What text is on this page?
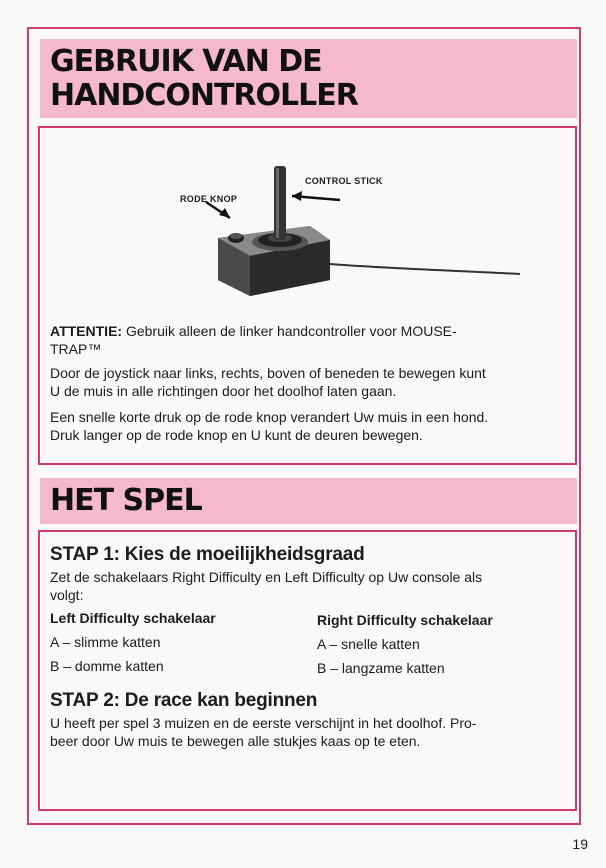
GEBRUIK VAN DE
HANDCONTROLLER
CONTROL STICK
RODE KNOP

ATTENTIE: Gebruik alleen de linker handcontroller voor MOUSE-
TRAP™

Door de joystick naar links, rechts, boven of beneden te bewegen kunt
U de muis in alle richtingen door het doolhof laten gaan.

Een snelle korte druk op de rode knop verandert Uw muis in een hond.
Druk langer op de rode knop en U kunt de deuren bewegen.

HET SPEL
STAP 1: Kies de moeilijkheidsgraad

Zet de schakelaars Right Difficulty en Left Difficulty op Uw console als
volgt:

Left Difficulty schakelaar
A – slimme katten
B – domme katten
Right Difficulty schakelaar
A – snelle katten
B – langzame katten
STAP 2: De race kan beginnen

U heeft per spel 3 muizen en de eerste verschijnt in het doolhof. Pro-
beer door Uw muis te bewegen alle stukjes kaas op te eten.

19
